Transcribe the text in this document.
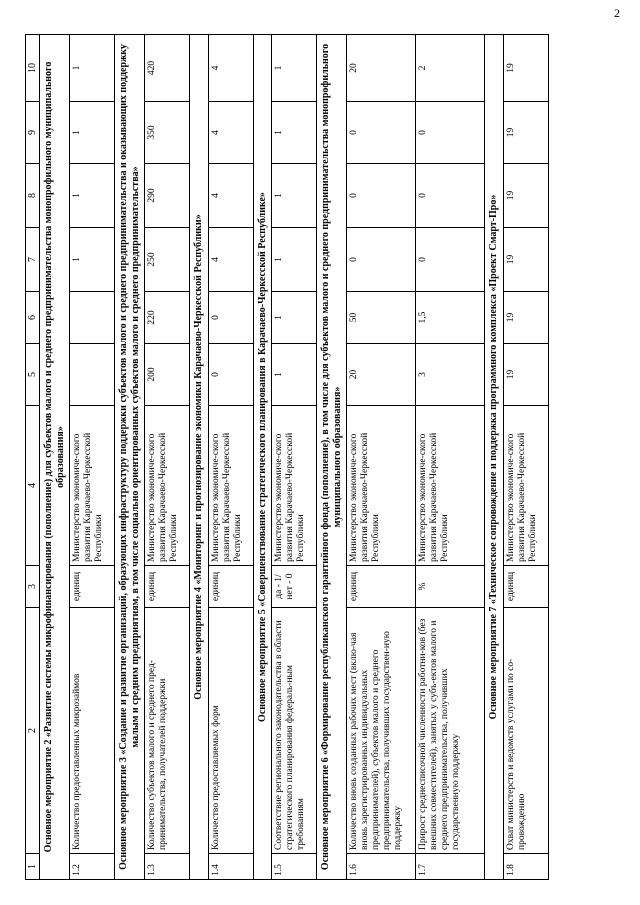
2
1	2	3	4	5	6	7	8	9	10
Основное мероприятие 2 «Развитие системы микрофинансирования (пополнение) для субъектов малого и среднего предпринимательства монопрофильного муниципального образования»									
1.2	Количество предоставленных микрозаймов	единиц	Министерство экономиче-ского развития Карачаево-Черкесской Республики			1	1	1	1
Основное мероприятие 3 «Создание и развитие организаций, образующих инфраструктуру поддержки субъектов малого и среднего предпринимательства и оказывающих поддержку малым и средним предприятиям, в том числе социально ориентированных субъектов малого и среднего предпринимательства»									
1.3	Количество субъектов малого и среднего пред-принимательства, получателей поддержки	единиц	Министерство экономиче-ского развития Карачаево-Черкесской Республики	200	220	250	290	350	420
Основное мероприятие 4 «Мониторинг и прогнозирование экономики Карачаево-Черкесской Республики»									
1.4	Количество предоставляемых форм	единиц	Министерство экономиче-ского развития Карачаево-Черкесской Республики	0	0	4	4	4	4
Основное мероприятие 5 «Совершенствование стратегического планирования в Карачаево-Черкесской Республике»									
1.5	Соответствие регионального законодательства в области стратегического планирования федераль-ным требованиям	да - 1/ нет - 0	Министерство экономиче-ского развития Карачаево-Черкесской Республики	1	1	1	1	1	1
Основное мероприятие 6 «Формирование республиканского гарантийного фонда (пополнение), в том числе для субъектов малого и среднего предпринимательства монопрофильного муниципального образования»									
1.6	Количество вновь созданных рабочих мест (вклю-чая вновь зарегистрированных индивидуальных предпринимателей), субъектов малого и среднего предпринимательства, получивших государствен-ную поддержку	единиц	Министерство экономиче-ского развития Карачаево-Черкесской Республики	20	50	0	0	0	20
1.7	Прирост среднесписочной численности работни-ков (без внешних совместителей), занятых у субъ-ектов малого и среднего предпринимательства, получивших государственную поддержку	%	Министерство экономиче-ского развития Карачаево-Черкесской Республики	3	1,5	0	0	0	2
Основное мероприятие 7 «Техническое сопровождение и поддержка программного комплекса «Проект Смарт-Про»									
1.8	Охват министерств и ведомств услугами по со-провождению	единиц	Министерство экономиче-ского развития Карачаево-Черкесской Республики	19	19	19	19	19	19
